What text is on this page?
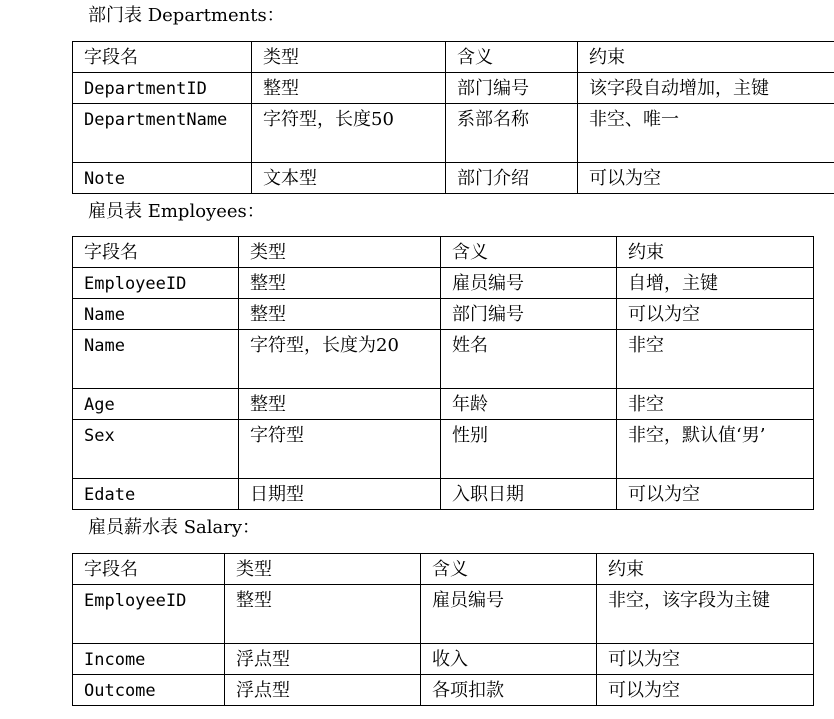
部门表 Departments：
字段名	类型	含义	约束
DepartmentID	整型	部门编号	该字段自动增加，主键
DepartmentName	字符型，长度50	系部名称	非空、唯一
Note	文本型	部门介绍	可以为空
雇员表 Employees：
字段名	类型	含义	约束
EmployeeID	整型	雇员编号	自增，主键
Name	整型	部门编号	可以为空
Name	字符型，长度为20	姓名	非空
Age	整型	年龄	非空
Sex	字符型	性别	非空，默认值‘男’
Edate	日期型	入职日期	可以为空
雇员薪水表 Salary：
字段名	类型	含义	约束
EmployeeID	整型	雇员编号	非空，该字段为主键
Income	浮点型	收入	可以为空
Outcome	浮点型	各项扣款	可以为空
